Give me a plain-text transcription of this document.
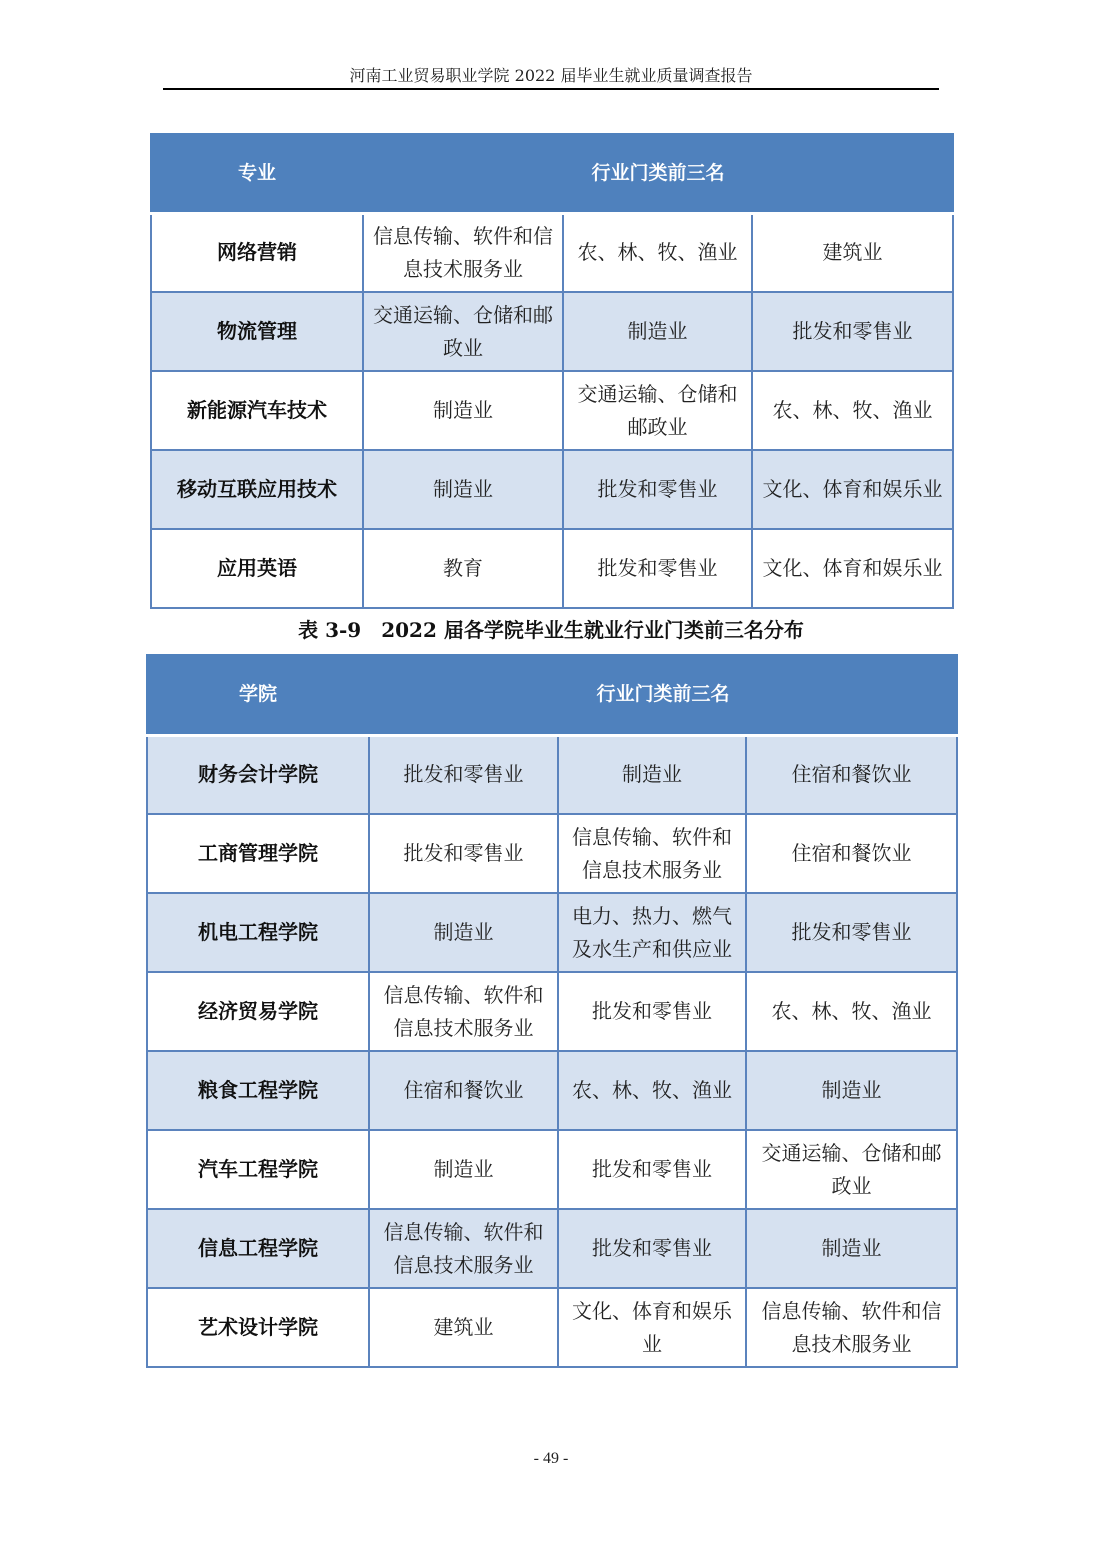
河南工业贸易职业学院 2022 届毕业生就业质量调查报告
专业	行业门类前三名		
网络营销	信息传输、软件和信息技术服务业	农、林、牧、渔业	建筑业
物流管理	交通运输、仓储和邮政业	制造业	批发和零售业
新能源汽车技术	制造业	交通运输、仓储和邮政业	农、林、牧、渔业
移动互联应用技术	制造业	批发和零售业	文化、体育和娱乐业
应用英语	教育	批发和零售业	文化、体育和娱乐业
表 3-9　2022 届各学院毕业生就业行业门类前三名分布
学院	行业门类前三名		
财务会计学院	批发和零售业	制造业	住宿和餐饮业
工商管理学院	批发和零售业	信息传输、软件和信息技术服务业	住宿和餐饮业
机电工程学院	制造业	电力、热力、燃气及水生产和供应业	批发和零售业
经济贸易学院	信息传输、软件和信息技术服务业	批发和零售业	农、林、牧、渔业
粮食工程学院	住宿和餐饮业	农、林、牧、渔业	制造业
汽车工程学院	制造业	批发和零售业	交通运输、仓储和邮政业
信息工程学院	信息传输、软件和信息技术服务业	批发和零售业	制造业
艺术设计学院	建筑业	文化、体育和娱乐业	信息传输、软件和信息技术服务业
- 49 -
